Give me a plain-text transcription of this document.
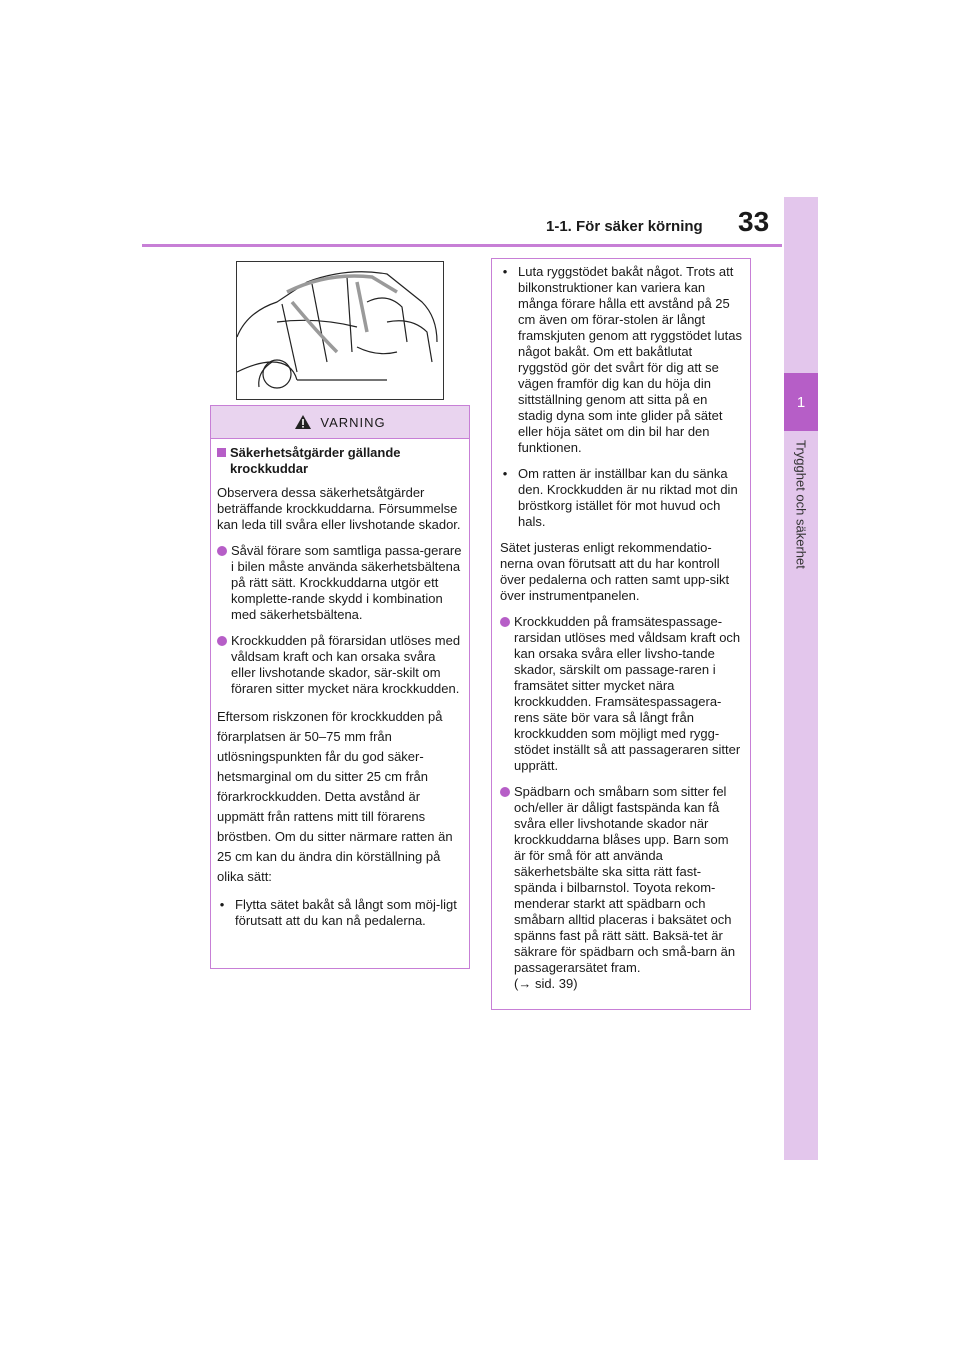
1-1. För säker körning 33
1
Trygghet och säkerhet
VARNING
Säkerhetsåtgärder gällande krockkuddar

Observera dessa säkerhetsåtgärder beträffande krockkuddarna. Försummelse kan leda till svåra eller livshotande skador.

Såväl förare som samtliga passa-gerare i bilen måste använda säkerhetsbältena på rätt sätt. Krockkuddarna utgör ett komplette-rande skydd i kombination med säkerhetsbältena.
Krockkudden på förarsidan utlöses med våldsam kraft och kan orsaka svåra eller livshotande skador, sär-skilt om föraren sitter mycket nära krockkudden.

Eftersom riskzonen för krockkudden på förarplatsen är 50–75 mm från utlösningspunkten får du god säker-hetsmarginal om du sitter 25 cm från förarkrockkudden. Detta avstånd är uppmätt från rattens mitt till förarens bröstben. Om du sitter närmare ratten än 25 cm kan du ändra din körställning på olika sätt:

• Flytta sätet bakåt så långt som möj-ligt förutsatt att du kan nå pedalerna.
• Luta ryggstödet bakåt något. Trots att bilkonstruktioner kan variera kan många förare hålla ett avstånd på 25 cm även om förar-stolen är långt framskjuten genom att ryggstödet lutas något bakåt. Om ett bakåtlutat ryggstöd gör det svårt för dig att se vägen framför dig kan du höja din sittställning genom att sitta på en stadig dyna som inte glider på sätet eller höja sätet om din bil har den funktionen.
• Om ratten är inställbar kan du sänka den. Krockkudden är nu riktad mot din bröstkorg istället för mot huvud och hals.

Sätet justeras enligt rekommendatio-nerna ovan förutsatt att du har kontroll över pedalerna och ratten samt upp-sikt över instrumentpanelen.

Krockkudden på framsätespassage-rarsidan utlöses med våldsam kraft och kan orsaka svåra eller livsho-tande skador, särskilt om passage-raren i framsätet sitter mycket nära krockkudden. Framsätespassagera-rens säte bör vara så långt från krockkudden som möjligt med rygg-stödet inställt så att passageraren sitter upprätt.
Spädbarn och småbarn som sitter fel och/eller är dåligt fastspända kan få svåra eller livshotande skador när krockkuddarna blåses upp. Barn som är för små för att använda säkerhetsbälte ska sitta rätt fast-spända i bilbarnstol. Toyota rekom-menderar starkt att spädbarn och småbarn alltid placeras i baksätet och spänns fast på rätt sätt. Baksä-tet är säkrare för spädbarn och små-barn än passagerarsätet fram.
(→ sid. 39)
